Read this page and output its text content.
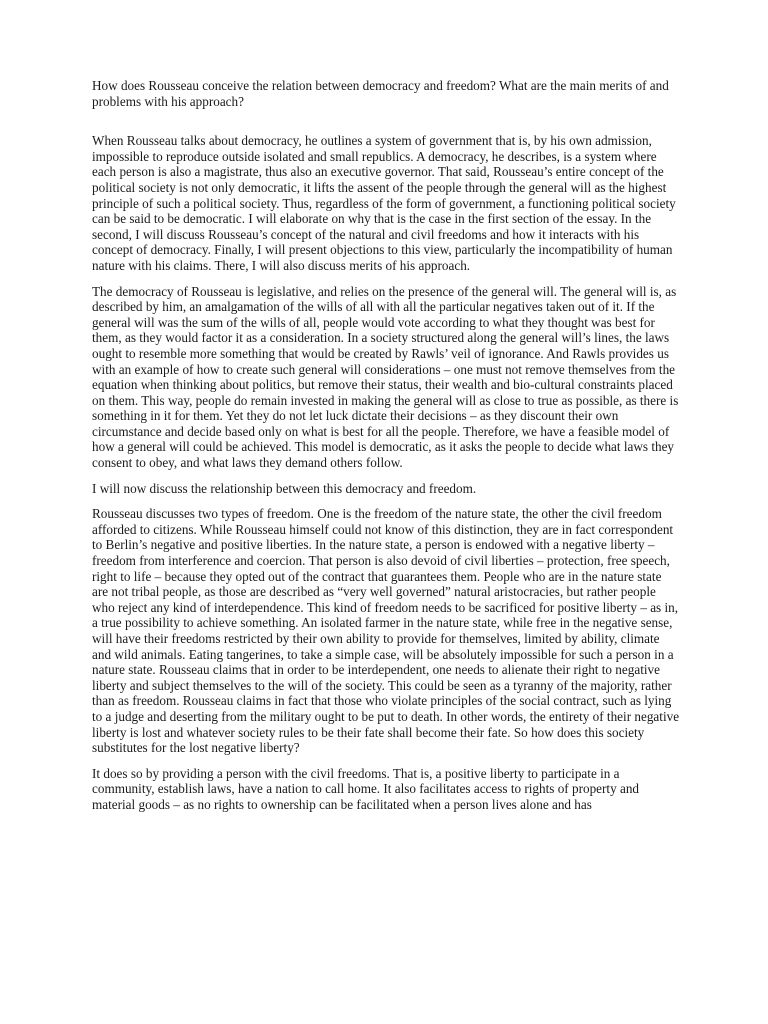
How does Rousseau conceive the relation between democracy and freedom? What are the main merits of and problems with his approach?

When Rousseau talks about democracy, he outlines a system of government that is, by his own admission, impossible to reproduce outside isolated and small republics. A democracy, he describes, is a system where each person is also a magistrate, thus also an executive governor. That said, Rousseau’s entire concept of the political society is not only democratic, it lifts the assent of the people through the general will as the highest principle of such a political society. Thus, regardless of the form of government, a functioning political society can be said to be democratic. I will elaborate on why that is the case in the first section of the essay. In the second, I will discuss Rousseau’s concept of the natural and civil freedoms and how it interacts with his concept of democracy. Finally, I will present objections to this view, particularly the incompatibility of human nature with his claims. There, I will also discuss merits of his approach.

The democracy of Rousseau is legislative, and relies on the presence of the general will. The general will is, as described by him, an amalgamation of the wills of all with all the particular negatives taken out of it. If the general will was the sum of the wills of all, people would vote according to what they thought was best for them, as they would factor it as a consideration. In a society structured along the general will’s lines, the laws ought to resemble more something that would be created by Rawls’ veil of ignorance. And Rawls provides us with an example of how to create such general will considerations – one must not remove themselves from the equation when thinking about politics, but remove their status, their wealth and bio-cultural constraints placed on them. This way, people do remain invested in making the general will as close to true as possible, as there is something in it for them. Yet they do not let luck dictate their decisions – as they discount their own circumstance and decide based only on what is best for all the people. Therefore, we have a feasible model of how a general will could be achieved. This model is democratic, as it asks the people to decide what laws they consent to obey, and what laws they demand others follow.

I will now discuss the relationship between this democracy and freedom.

Rousseau discusses two types of freedom. One is the freedom of the nature state, the other the civil freedom afforded to citizens. While Rousseau himself could not know of this distinction, they are in fact correspondent to Berlin’s negative and positive liberties. In the nature state, a person is endowed with a negative liberty – freedom from interference and coercion. That person is also devoid of civil liberties – protection, free speech, right to life – because they opted out of the contract that guarantees them. People who are in the nature state are not tribal people, as those are described as “very well governed” natural aristocracies, but rather people who reject any kind of interdependence. This kind of freedom needs to be sacrificed for positive liberty – as in, a true possibility to achieve something. An isolated farmer in the nature state, while free in the negative sense, will have their freedoms restricted by their own ability to provide for themselves, limited by ability, climate and wild animals. Eating tangerines, to take a simple case, will be absolutely impossible for such a person in a nature state. Rousseau claims that in order to be interdependent, one needs to alienate their right to negative liberty and subject themselves to the will of the society. This could be seen as a tyranny of the majority, rather than as freedom. Rousseau claims in fact that those who violate principles of the social contract, such as lying to a judge and deserting from the military ought to be put to death. In other words, the entirety of their negative liberty is lost and whatever society rules to be their fate shall become their fate. So how does this society substitutes for the lost negative liberty?

It does so by providing a person with the civil freedoms. That is, a positive liberty to participate in a community, establish laws, have a nation to call home. It also facilitates access to rights of property and material goods – as no rights to ownership can be facilitated when a person lives alone and has
